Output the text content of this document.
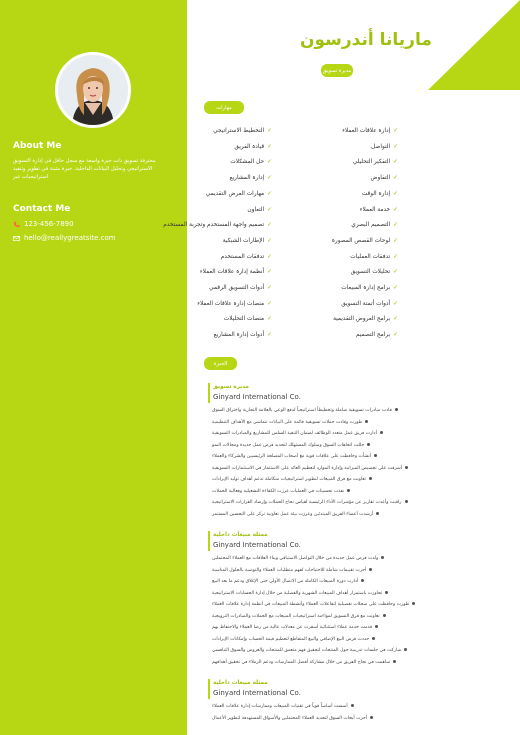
About Me
محترفة تسويق ذات خبرة واسعة مع سجل حافل في إدارة التسويق الاستراتيجي وتحليل البيانات الداخلية. خبرة مثبتة في تطوير وتنفيذ استراتيجيات عبر
Contact Me
123-456-7890
hello@reallygreatsite.com
ماريانا أندرسون
مديرة تسويق
مهارات
✓إدارة علاقات العملاء
✓التواصل
✓التفكير التحليلي
✓التفاوض
✓إدارة الوقت
✓خدمة العملاء
✓التصميم البصري
✓لوحات القصص المصورة
✓تدفقات العمليات
✓تحليلات التسويق
✓برامج إدارة المبيعات
✓أدوات أتمتة التسويق
✓برامج العروض التقديمية
✓برامج التصميم
✓التخطيط الاستراتيجي
✓قيادة الفريق
✓حل المشكلات
✓إدارة المشاريع
✓مهارات العرض التقديمي
✓التعاون
✓تصميم واجهة المستخدم وتجربة المستخدم
✓الإطارات الشبكية
✓تدفقات المستخدم
✓أنظمة إدارة علاقات العملاء
✓أدوات التسويق الرقمي
✓منصات إدارة علاقات العملاء
✓منصات التحليلات
✓أدوات إدارة المشاريع
الخبرة
مديرة تسويق
Ginyard International Co.
قادت مبادرات تسويقية شاملة وتخطيطاً استراتيجياً لدفع الوعي بالعلامة التجارية واختراق السوق
طورت وقادت حملات تسويقية قائمة على البيانات تتماشى مع الأهداف التنظيمية
أدارت فريق عمل متعدد الوظائف لضمان التنفيذ السلس للمشاريع والمبادرات التسويقية
حللت اتجاهات السوق وسلوك المستهلك لتحديد فرص عمل جديدة ومجالات النمو
أنشأت وحافظت على علاقات قوية مع أصحاب المصلحة الرئيسيين والشركاء والعملاء
أشرفت على تخصيص الميزانية وإدارة الموارد لتعظيم العائد على الاستثمار في الاستثمارات التسويقية
تعاونت مع فرق المبيعات لتطوير استراتيجيات متكاملة تدعم أهداف توليد الإيرادات
نفذت تحسينات في العمليات عززت الكفاءة التشغيلية وفعالية الحملات
راقبت وأعدت تقارير عن مؤشرات الأداء الرئيسية لقياس نجاح الحملات وإرشاد القرارات الاستراتيجية
أرشدت أعضاء الفريق المبتدئين وعززت بيئة عمل تعاونية تركز على التحسين المستمر
ممثلة مبيعات داخلية
Ginyard International Co.
ولدت فرص عمل جديدة من خلال التواصل الاستباقي وبناء العلاقات مع العملاء المحتملين
أجرت تقييمات شاملة للاحتياجات لفهم متطلبات العملاء والتوصية بالحلول المناسبة
أدارت دورة المبيعات الكاملة من الاتصال الأولي حتى الإغلاق ودعم ما بعد البيع
تجاوزت باستمرار أهداف المبيعات الشهرية والفصلية من خلال إدارة الحسابات الاستراتيجية
طورت وحافظت على سجلات تفصيلية لتفاعلات العملاء وأنشطة المبيعات في أنظمة إدارة علاقات العملاء
تعاونت مع فرق التسويق لمواءمة استراتيجيات المبيعات مع الحملات والمبادرات الترويجية
قدمت خدمة عملاء استثنائية أسفرت عن معدلات عالية من رضا العملاء والاحتفاظ بهم
حددت فرص البيع الإضافي والبيع المتقاطع لتعظيم قيمة الحساب وإمكانات الإيرادات
شاركت في جلسات تدريبية حول المنتجات لتحقيق فهم متعمق للمنتجات والعروض والسوق التنافسي
ساهمت في نجاح الفريق من خلال مشاركة أفضل الممارسات ودعم الزملاء في تحقيق أهدافهم
ممثلة مبيعات داخلية
Ginyard International Co.
أسست أساساً قوياً في تقنيات المبيعات وممارسات إدارة علاقات العملاء
أجرت أبحاث السوق لتحديد العملاء المحتملين والأسواق المستهدفة لتطوير الأعمال
